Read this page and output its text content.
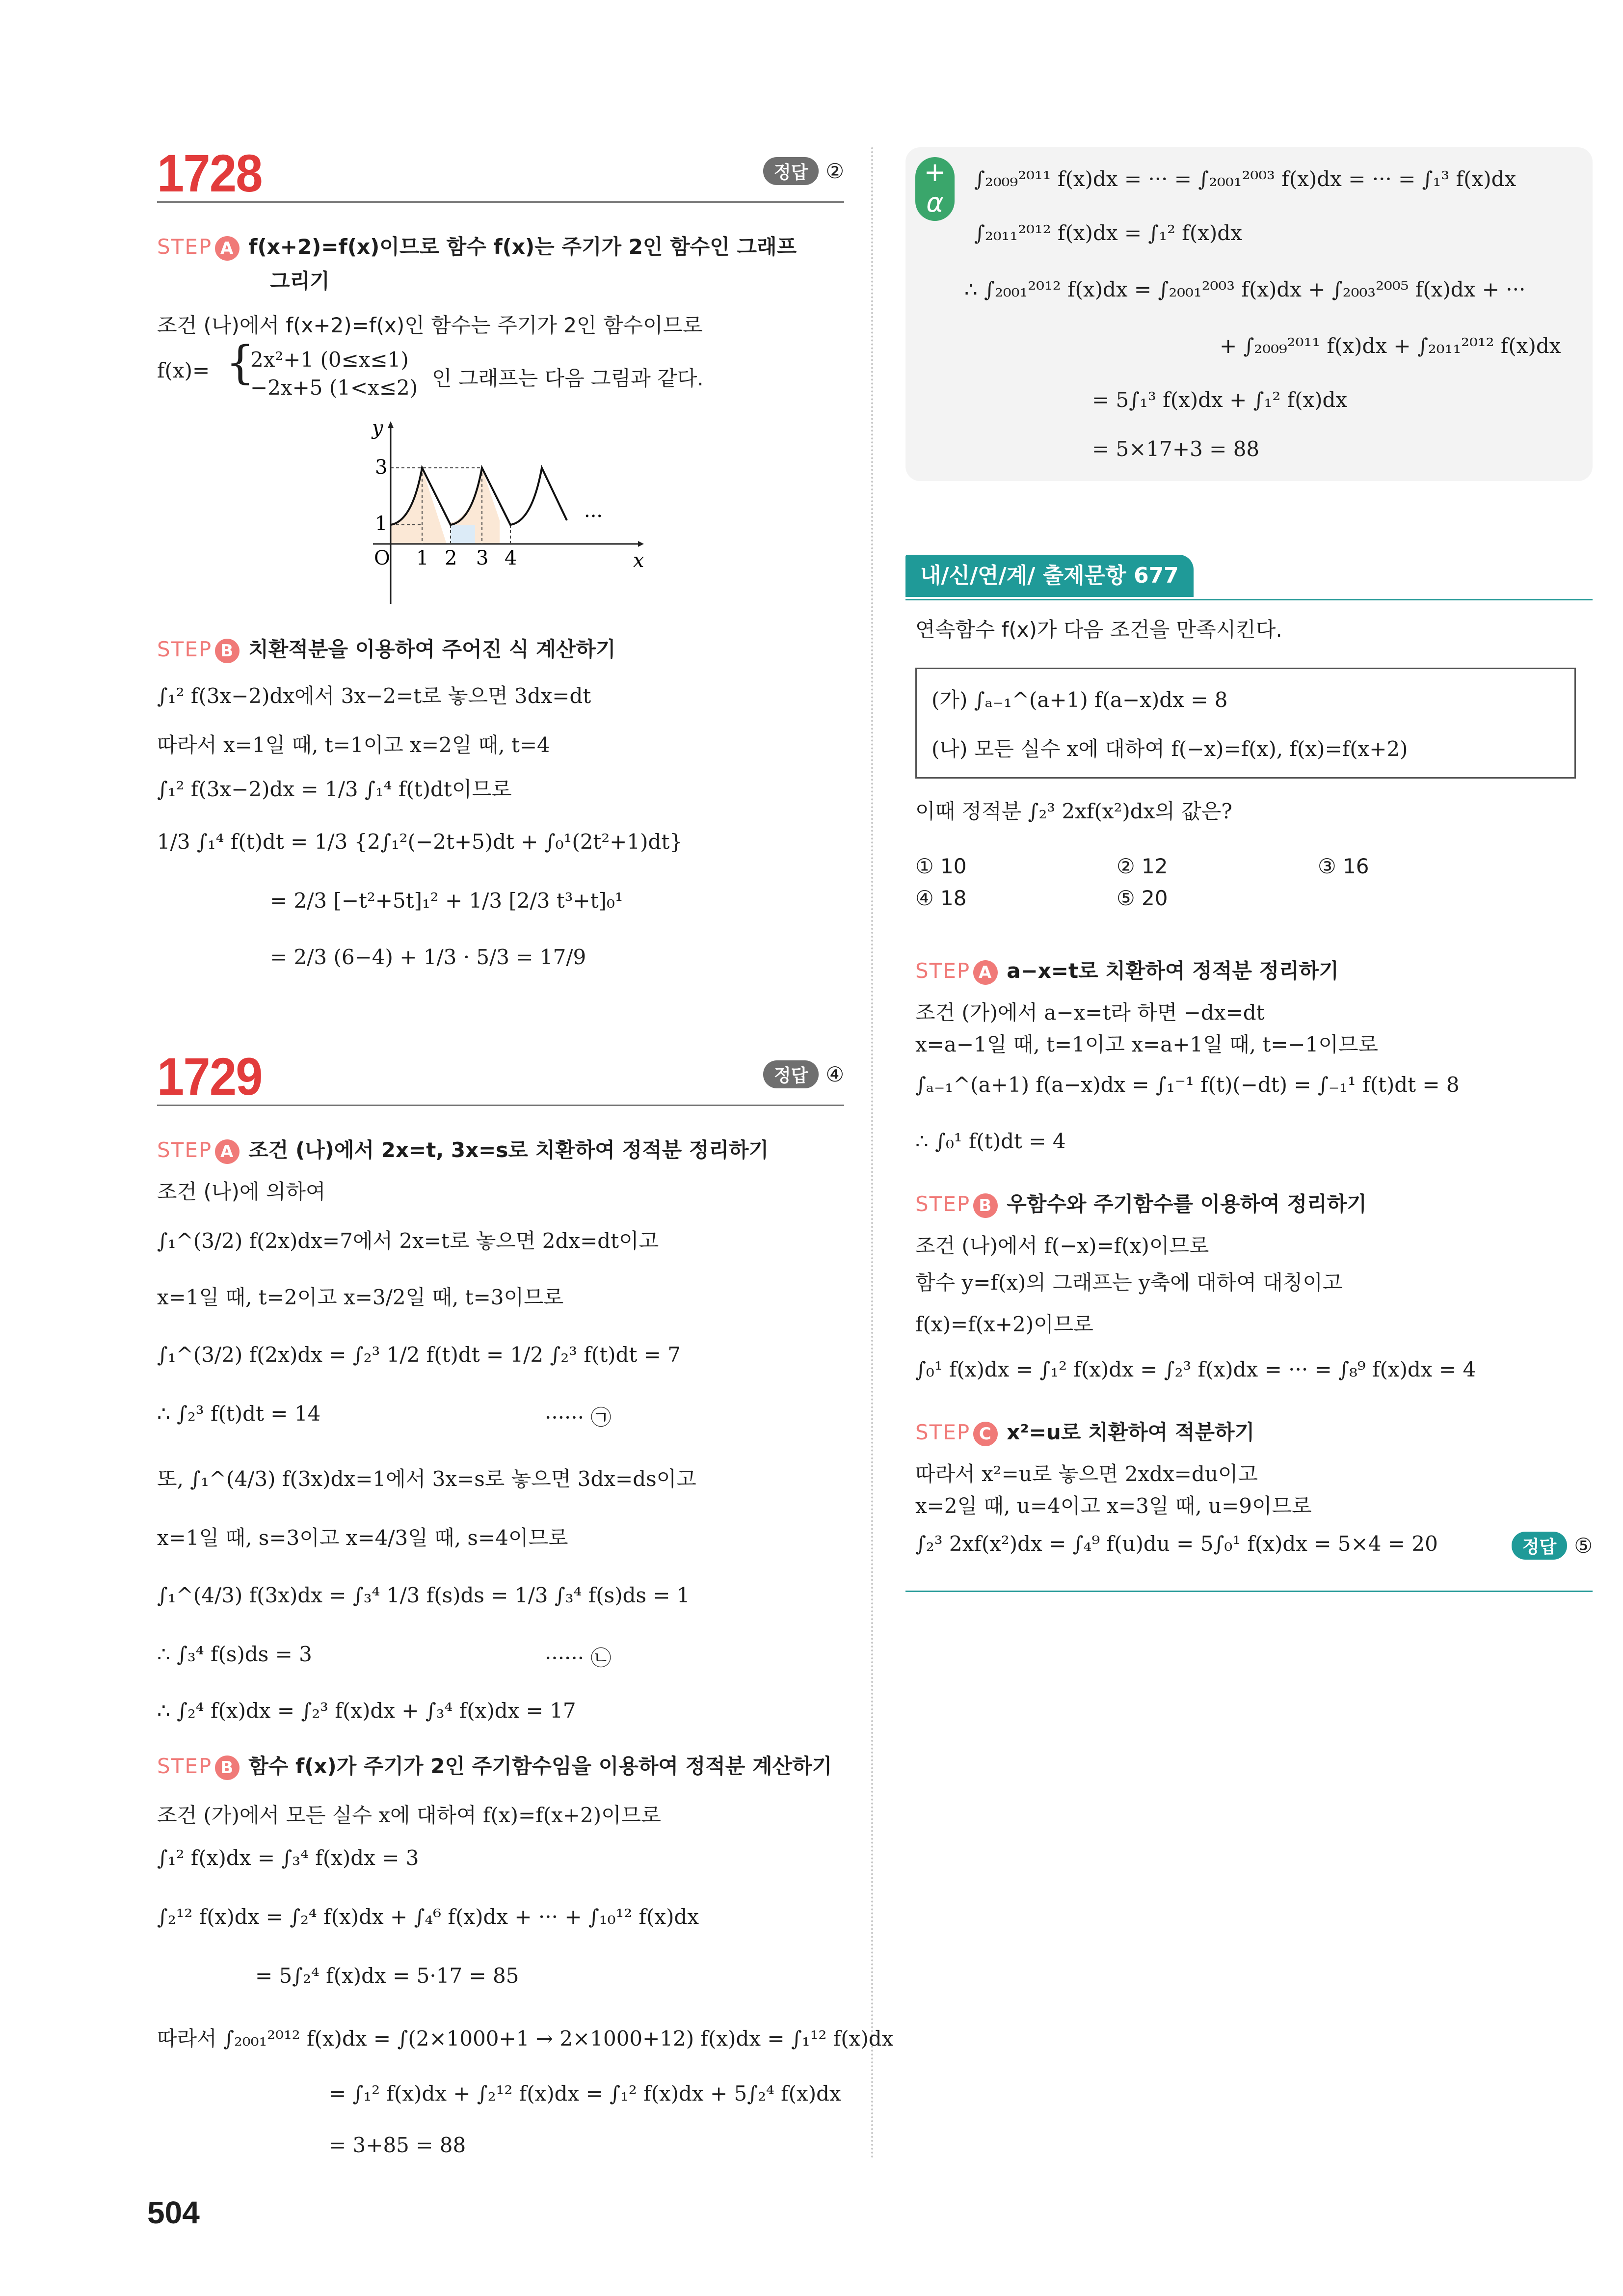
1728	정답 ②
STEP A f(x+2)=f(x)이므로 함수 f(x)는 주기가 2인 함수인 그래프
그리기
조건 (나)에서 f(x+2)=f(x)인 함수는 주기가 2인 함수이므로
f(x)= {
2x²+1 (0≤x≤1)
−2x+5 (1<x≤2) 인 그래프는 다음 그림과 같다.
y
x
O
1
3
1 2 3 4
···
STEP B 치환적분을 이용하여 주어진 식 계산하기
∫₁² f(3x−2)dx에서 3x−2=t로 놓으면 3dx=dt
따라서 x=1일 때, t=1이고 x=2일 때, t=4
∫₁² f(3x−2)dx = 1/3 ∫₁⁴ f(t)dt이므로
1/3 ∫₁⁴ f(t)dt = 1/3 {2∫₁²(−2t+5)dt + ∫₀¹(2t²+1)dt}
= 2/3 [−t²+5t]₁² + 1/3 [2/3 t³+t]₀¹
= 2/3 (6−4) + 1/3 · 5/3 = 17/9
1729	정답 ④
STEP A 조건 (나)에서 2x=t, 3x=s로 치환하여 정적분 정리하기
조건 (나)에 의하여
∫₁^(3/2) f(2x)dx=7에서 2x=t로 놓으면 2dx=dt이고
x=1일 때, t=2이고 x=3/2일 때, t=3이므로
∫₁^(3/2) f(2x)dx = ∫₂³ 1/2 f(t)dt = 1/2 ∫₂³ f(t)dt = 7
∴ ∫₂³ f(t)dt = 14	······ ㉠
또, ∫₁^(4/3) f(3x)dx=1에서 3x=s로 놓으면 3dx=ds이고
x=1일 때, s=3이고 x=4/3일 때, s=4이므로
∫₁^(4/3) f(3x)dx = ∫₃⁴ 1/3 f(s)ds = 1/3 ∫₃⁴ f(s)ds = 1
∴ ∫₃⁴ f(s)ds = 3	······ ㉡
∴ ∫₂⁴ f(x)dx = ∫₂³ f(x)dx + ∫₃⁴ f(x)dx = 17
STEP B 함수 f(x)가 주기가 2인 주기함수임을 이용하여 정적분 계산하기
조건 (가)에서 모든 실수 x에 대하여 f(x)=f(x+2)이므로
∫₁² f(x)dx = ∫₃⁴ f(x)dx = 3
∫₂¹² f(x)dx = ∫₂⁴ f(x)dx + ∫₄⁶ f(x)dx + ··· + ∫₁₀¹² f(x)dx
= 5∫₂⁴ f(x)dx = 5·17 = 85
따라서 ∫₂₀₀₁²⁰¹² f(x)dx = ∫(2×1000+1 → 2×1000+12) f(x)dx = ∫₁¹² f(x)dx
= ∫₁² f(x)dx + ∫₂¹² f(x)dx = ∫₁² f(x)dx + 5∫₂⁴ f(x)dx
= 3+85 = 88
+
α
∫₂₀₀₉²⁰¹¹ f(x)dx = ··· = ∫₂₀₀₁²⁰⁰³ f(x)dx = ··· = ∫₁³ f(x)dx
∫₂₀₁₁²⁰¹² f(x)dx = ∫₁² f(x)dx
∴ ∫₂₀₀₁²⁰¹² f(x)dx = ∫₂₀₀₁²⁰⁰³ f(x)dx + ∫₂₀₀₃²⁰⁰⁵ f(x)dx + ···
+ ∫₂₀₀₉²⁰¹¹ f(x)dx + ∫₂₀₁₁²⁰¹² f(x)dx
= 5∫₁³ f(x)dx + ∫₁² f(x)dx
= 5×17+3 = 88
내/신/연/계/ 출제문항 677
연속함수 f(x)가 다음 조건을 만족시킨다.
(가) ∫ₐ₋₁^(a+1) f(a−x)dx = 8
(나) 모든 실수 x에 대하여 f(−x)=f(x), f(x)=f(x+2)
이때 정적분 ∫₂³ 2xf(x²)dx의 값은?
① 10	② 12	③ 16
④ 18	⑤ 20
STEP A a−x=t로 치환하여 정적분 정리하기
조건 (가)에서 a−x=t라 하면 −dx=dt
x=a−1일 때, t=1이고 x=a+1일 때, t=−1이므로
∫ₐ₋₁^(a+1) f(a−x)dx = ∫₁⁻¹ f(t)(−dt) = ∫₋₁¹ f(t)dt = 8
∴ ∫₀¹ f(t)dt = 4
STEP B 우함수와 주기함수를 이용하여 정리하기
조건 (나)에서 f(−x)=f(x)이므로
함수 y=f(x)의 그래프는 y축에 대하여 대칭이고
f(x)=f(x+2)이므로
∫₀¹ f(x)dx = ∫₁² f(x)dx = ∫₂³ f(x)dx = ··· = ∫₈⁹ f(x)dx = 4
STEP C x²=u로 치환하여 적분하기
따라서 x²=u로 놓으면 2xdx=du이고
x=2일 때, u=4이고 x=3일 때, u=9이므로
∫₂³ 2xf(x²)dx = ∫₄⁹ f(u)du = 5∫₀¹ f(x)dx = 5×4 = 20	정답 ⑤
504
